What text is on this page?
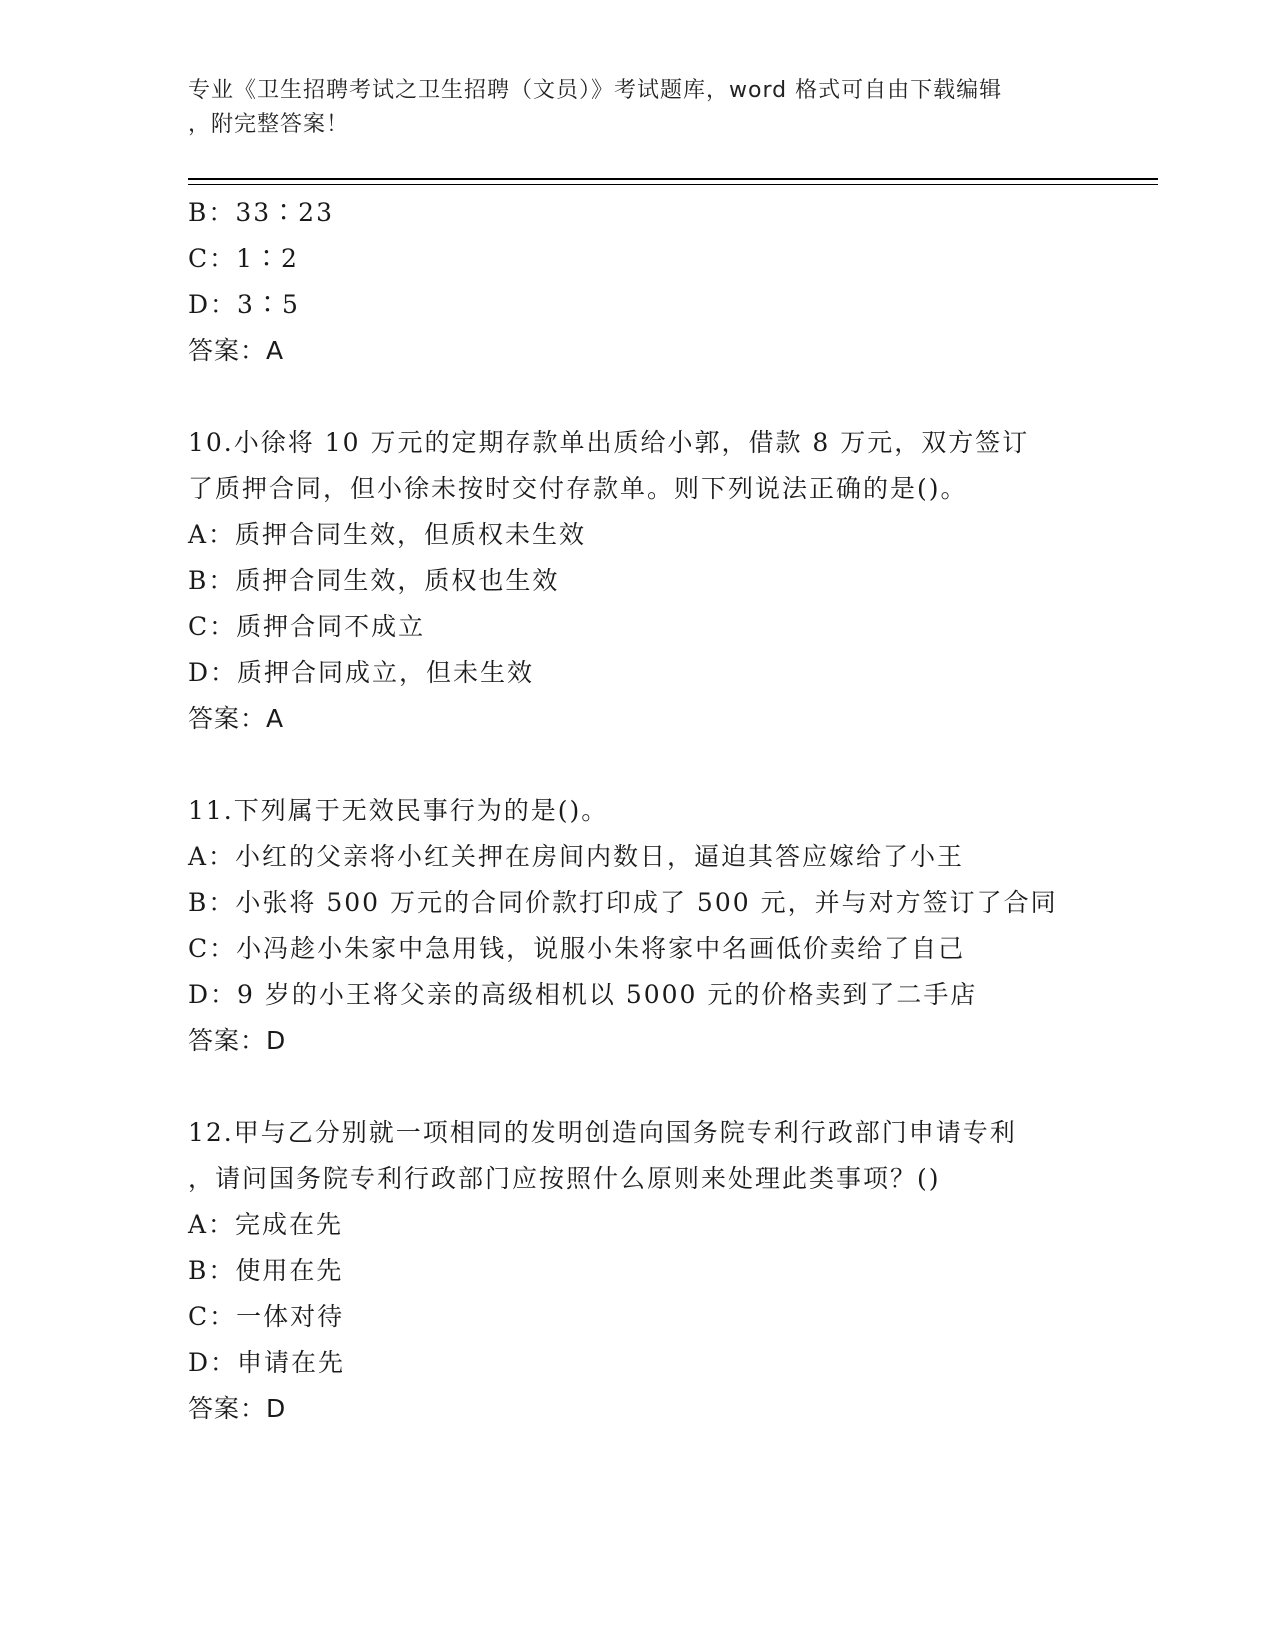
专业《卫生招聘考试之卫生招聘（文员）》考试题库，word 格式可自由下载编辑
，附完整答案！
B：33∶23
C：1∶2
D：3∶5
答案：A
10.小徐将 10 万元的定期存款单出质给小郭，借款 8 万元，双方签订
了质押合同，但小徐未按时交付存款单。则下列说法正确的是()。
A：质押合同生效，但质权未生效
B：质押合同生效，质权也生效
C：质押合同不成立
D：质押合同成立，但未生效
答案：A
11.下列属于无效民事行为的是()。
A：小红的父亲将小红关押在房间内数日，逼迫其答应嫁给了小王
B：小张将 500 万元的合同价款打印成了 500 元，并与对方签订了合同
C：小冯趁小朱家中急用钱，说服小朱将家中名画低价卖给了自己
D：9 岁的小王将父亲的高级相机以 5000 元的价格卖到了二手店
答案：D
12.甲与乙分别就一项相同的发明创造向国务院专利行政部门申请专利
，请问国务院专利行政部门应按照什么原则来处理此类事项？()
A：完成在先
B：使用在先
C：一体对待
D：申请在先
答案：D
